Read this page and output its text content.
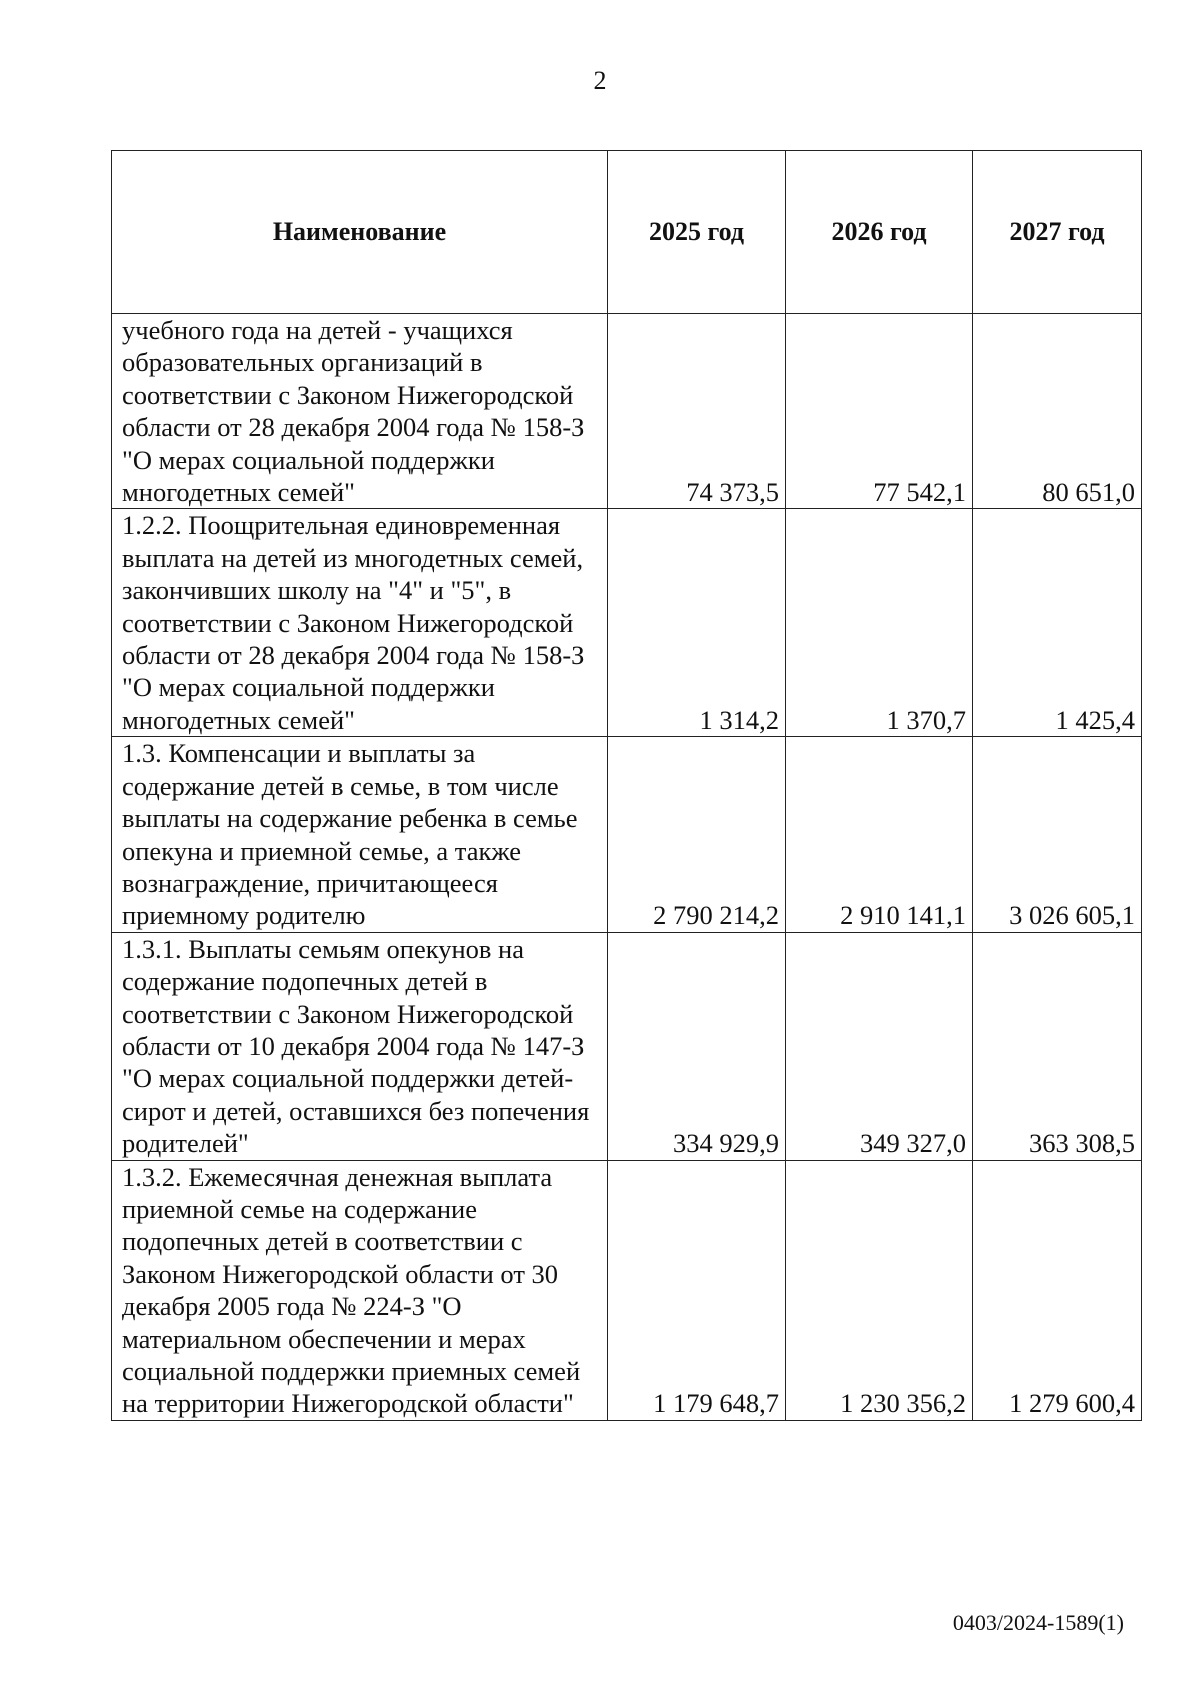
2
Наименование	2025 год	2026 год	2027 год
учебного года на детей - учащихся образовательных организаций в соответствии с Законом Нижегородской области от 28 декабря 2004 года № 158-З "О мерах социальной поддержки многодетных семей"	74 373,5	77 542,1	80 651,0
1.2.2. Поощрительная единовременная выплата на детей из многодетных семей, закончивших школу на "4" и "5", в соответствии с Законом Нижегородской области от 28 декабря 2004 года № 158-З "О мерах социальной поддержки многодетных семей"	1 314,2	1 370,7	1 425,4
1.3. Компенсации и выплаты за содержание детей в семье, в том числе выплаты на содержание ребенка в семье опекуна и приемной семье, а также вознаграждение, причитающееся приемному родителю	2 790 214,2	2 910 141,1	3 026 605,1
1.3.1. Выплаты семьям опекунов на содержание подопечных детей в соответствии с Законом Нижегородской области от 10 декабря 2004 года № 147-З "О мерах социальной поддержки детей-сирот и детей, оставшихся без попечения родителей"	334 929,9	349 327,0	363 308,5
1.3.2. Ежемесячная денежная выплата приемной семье на содержание подопечных детей в соответствии с Законом Нижегородской области от 30 декабря 2005 года № 224-З "О материальном обеспечении и мерах социальной поддержки приемных семей на территории Нижегородской области"	1 179 648,7	1 230 356,2	1 279 600,4
0403/2024-1589(1)
